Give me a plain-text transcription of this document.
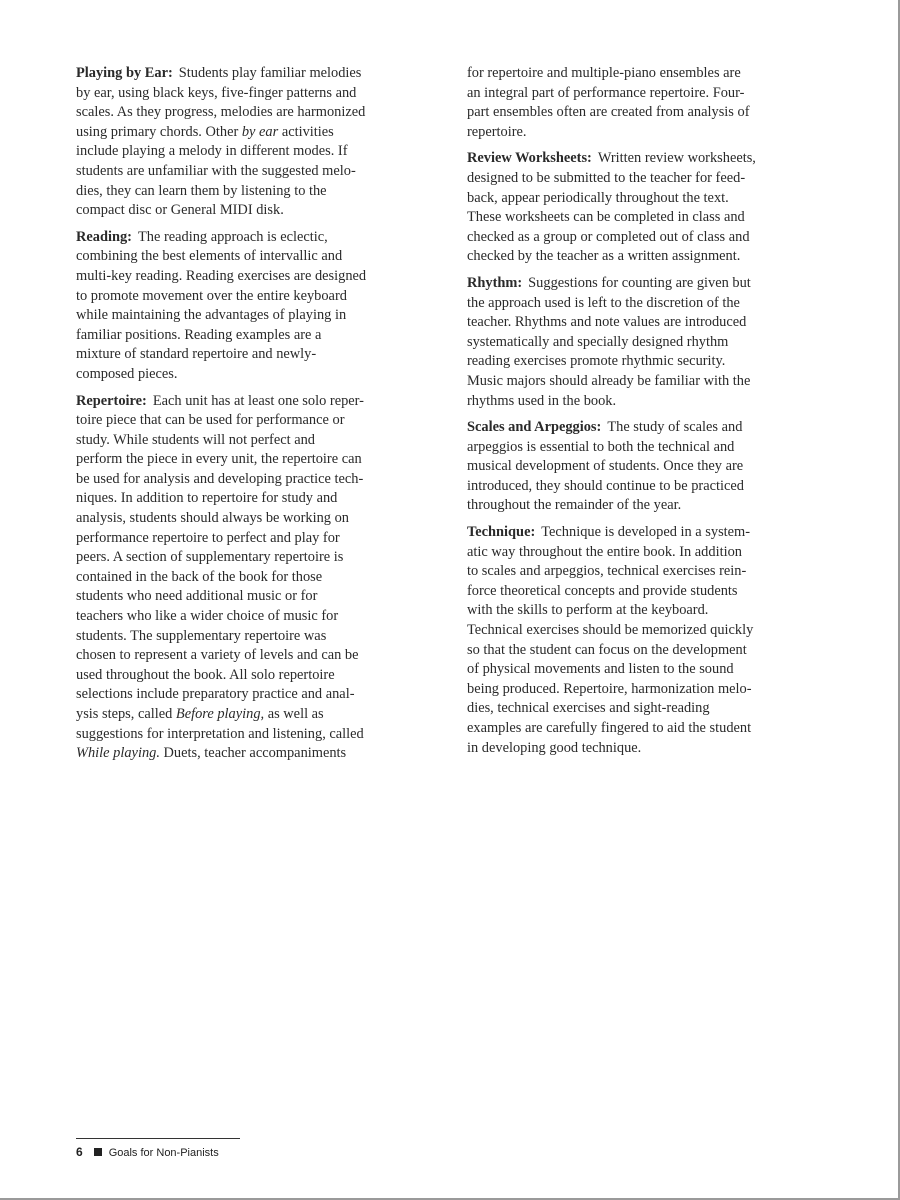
Playing by Ear: Students play familiar melodies
by ear, using black keys, five-finger patterns and
scales. As they progress, melodies are harmonized
using primary chords. Other by ear activities
include playing a melody in different modes. If
students are unfamiliar with the suggested melo-
dies, they can learn them by listening to the
compact disc or General MIDI disk.
Reading: The reading approach is eclectic,
combining the best elements of intervallic and
multi-key reading. Reading exercises are designed
to promote movement over the entire keyboard
while maintaining the advantages of playing in
familiar positions. Reading examples are a
mixture of standard repertoire and newly-
composed pieces.
Repertoire: Each unit has at least one solo reper-
toire piece that can be used for performance or
study. While students will not perfect and
perform the piece in every unit, the repertoire can
be used for analysis and developing practice tech-
niques. In addition to repertoire for study and
analysis, students should always be working on
performance repertoire to perfect and play for
peers. A section of supplementary repertoire is
contained in the back of the book for those
students who need additional music or for
teachers who like a wider choice of music for
students. The supplementary repertoire was
chosen to represent a variety of levels and can be
used throughout the book. All solo repertoire
selections include preparatory practice and anal-
ysis steps, called Before playing, as well as
suggestions for interpretation and listening, called
While playing. Duets, teacher accompaniments
for repertoire and multiple-piano ensembles are
an integral part of performance repertoire. Four-
part ensembles often are created from analysis of
repertoire.
Review Worksheets: Written review worksheets,
designed to be submitted to the teacher for feed-
back, appear periodically throughout the text.
These worksheets can be completed in class and
checked as a group or completed out of class and
checked by the teacher as a written assignment.
Rhythm: Suggestions for counting are given but
the approach used is left to the discretion of the
teacher. Rhythms and note values are introduced
systematically and specially designed rhythm
reading exercises promote rhythmic security.
Music majors should already be familiar with the
rhythms used in the book.
Scales and Arpeggios: The study of scales and
arpeggios is essential to both the technical and
musical development of students. Once they are
introduced, they should continue to be practiced
throughout the remainder of the year.
Technique: Technique is developed in a system-
atic way throughout the entire book. In addition
to scales and arpeggios, technical exercises rein-
force theoretical concepts and provide students
with the skills to perform at the keyboard.
Technical exercises should be memorized quickly
so that the student can focus on the development
of physical movements and listen to the sound
being produced. Repertoire, harmonization melo-
dies, technical exercises and sight-reading
examples are carefully fingered to aid the student
in developing good technique.
6 Goals for Non-Pianists
